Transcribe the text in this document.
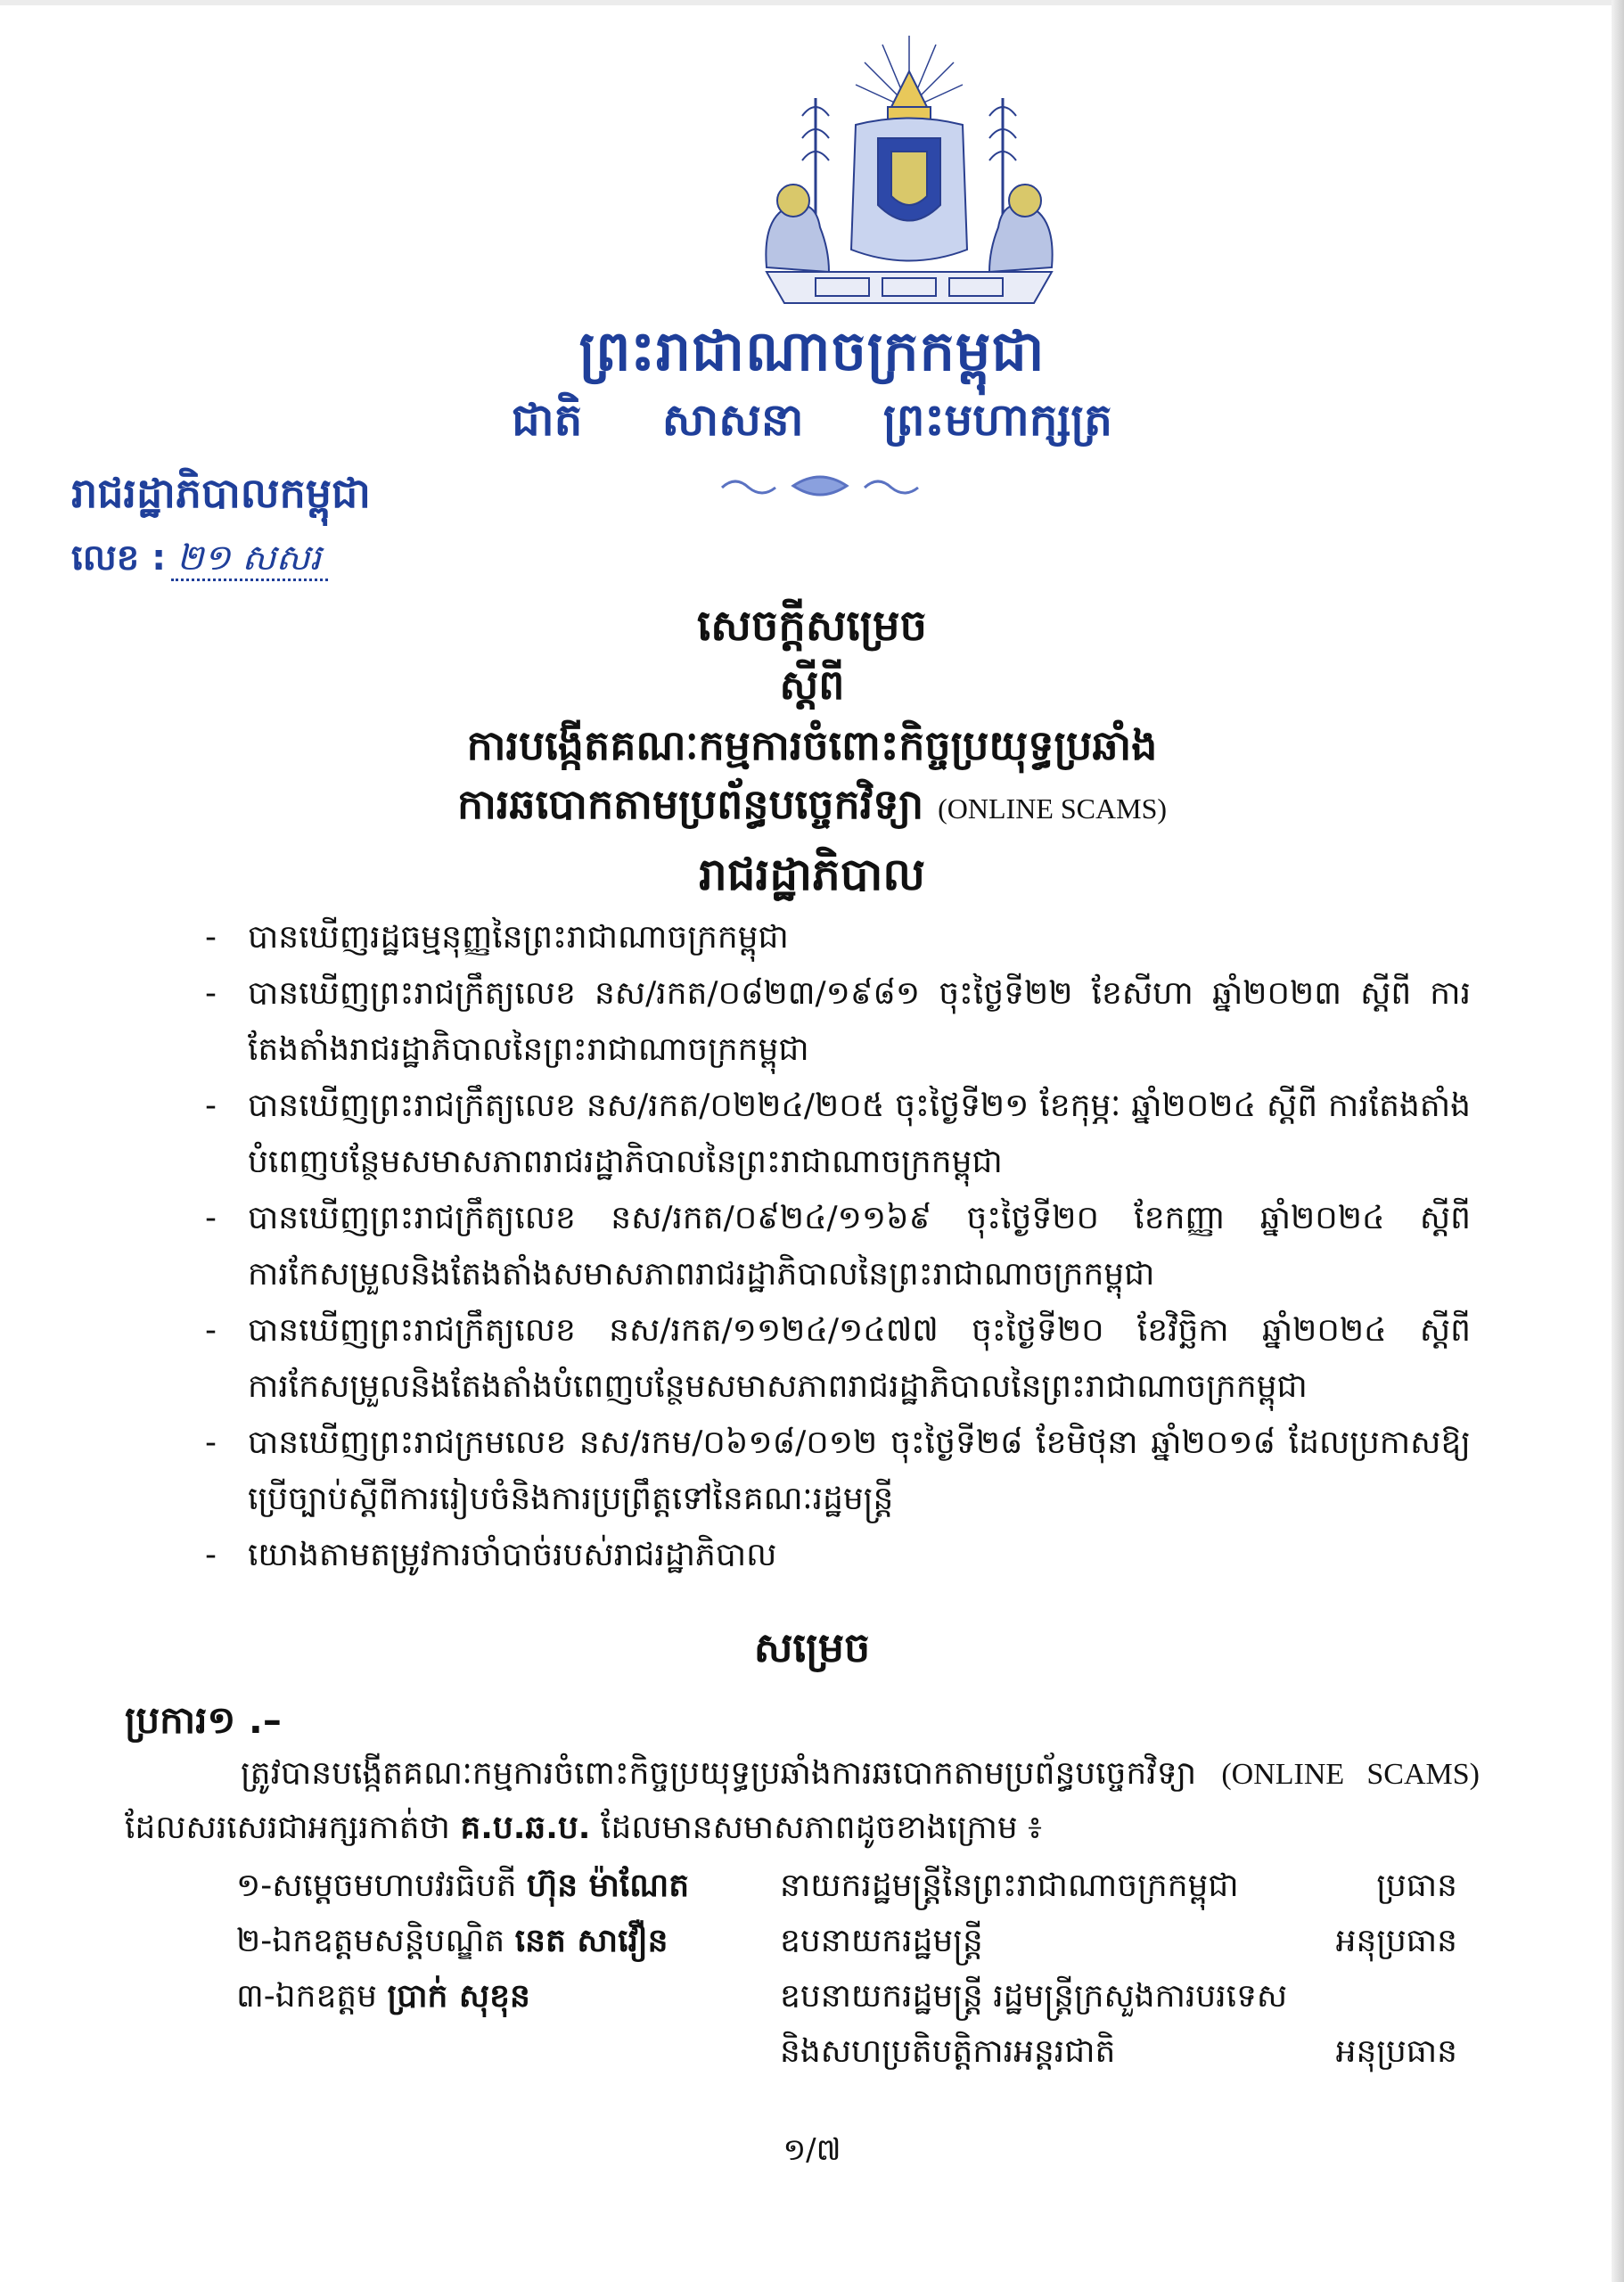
ព្រះរាជាណាចក្រកម្ពុជា
ជាតិ សាសនា ព្រះមហាក្សត្រ
រាជរដ្ឋាភិបាលកម្ពុជា
លេខ : ២១ សសរ
សេចក្តីសម្រេច
ស្តីពី
ការបង្កើតគណៈកម្មការចំពោះកិច្ចប្រយុទ្ធប្រឆាំង
ការឆបោកតាមប្រព័ន្ធបច្ចេកវិទ្យា (ONLINE SCAMS)
រាជរដ្ឋាភិបាល
- បានឃើញរដ្ឋធម្មនុញ្ញនៃព្រះរាជាណាចក្រកម្ពុជា
- បានឃើញព្រះរាជក្រឹត្យលេខ នស/រកត/០៨២៣/១៩៨១ ចុះថ្ងៃទី២២ ខែសីហា ឆ្នាំ២០២៣ ស្តីពី ការតែងតាំងរាជរដ្ឋាភិបាលនៃព្រះរាជាណាចក្រកម្ពុជា
- បានឃើញព្រះរាជក្រឹត្យលេខ នស/រកត/០២២៤/២០៥ ចុះថ្ងៃទី២១ ខែកុម្ភៈ ឆ្នាំ២០២៤ ស្តីពី ការតែងតាំងបំពេញបន្ថែមសមាសភាពរាជរដ្ឋាភិបាលនៃព្រះរាជាណាចក្រកម្ពុជា
- បានឃើញព្រះរាជក្រឹត្យលេខ នស/រកត/០៩២៤/១១៦៩ ចុះថ្ងៃទី២០ ខែកញ្ញា ឆ្នាំ២០២៤ ស្តីពី ការកែសម្រួលនិងតែងតាំងសមាសភាពរាជរដ្ឋាភិបាលនៃព្រះរាជាណាចក្រកម្ពុជា
- បានឃើញព្រះរាជក្រឹត្យលេខ នស/រកត/១១២៤/១៤៧៧ ចុះថ្ងៃទី២០ ខែវិច្ឆិកា ឆ្នាំ២០២៤ ស្តីពី ការកែសម្រួលនិងតែងតាំងបំពេញបន្ថែមសមាសភាពរាជរដ្ឋាភិបាលនៃព្រះរាជាណាចក្រកម្ពុជា
- បានឃើញព្រះរាជក្រមលេខ នស/រកម/០៦១៨/០១២ ចុះថ្ងៃទី២៨ ខែមិថុនា ឆ្នាំ២០១៨ ដែលប្រកាសឱ្យប្រើច្បាប់ស្តីពីការរៀបចំនិងការប្រព្រឹត្តទៅនៃគណៈរដ្ឋមន្ត្រី
- យោងតាមតម្រូវការចាំបាច់របស់រាជរដ្ឋាភិបាល
សម្រេច
ប្រការ១ .–
ត្រូវបានបង្កើតគណៈកម្មការចំពោះកិច្ចប្រយុទ្ធប្រឆាំងការឆបោកតាមប្រព័ន្ធបច្ចេកវិទ្យា (ONLINE SCAMS) ដែលសរសេរជាអក្សរកាត់ថា គ.ប.ឆ.ប. ដែលមានសមាសភាពដូចខាងក្រោម ៖
១-សម្តេចមហាបវរធិបតី ហ៊ុន ម៉ាណែត	នាយករដ្ឋមន្ត្រីនៃព្រះរាជាណាចក្រកម្ពុជា	ប្រធាន
២-ឯកឧត្តមសន្តិបណ្ឌិត នេត សាវឿន	ឧបនាយករដ្ឋមន្ត្រី	អនុប្រធាន
៣-ឯកឧត្តម ប្រាក់ សុខុន	ឧបនាយករដ្ឋមន្ត្រី រដ្ឋមន្ត្រីក្រសួងការបរទេស
និងសហប្រតិបត្តិការអន្តរជាតិ	អនុប្រធាន
១/៧
